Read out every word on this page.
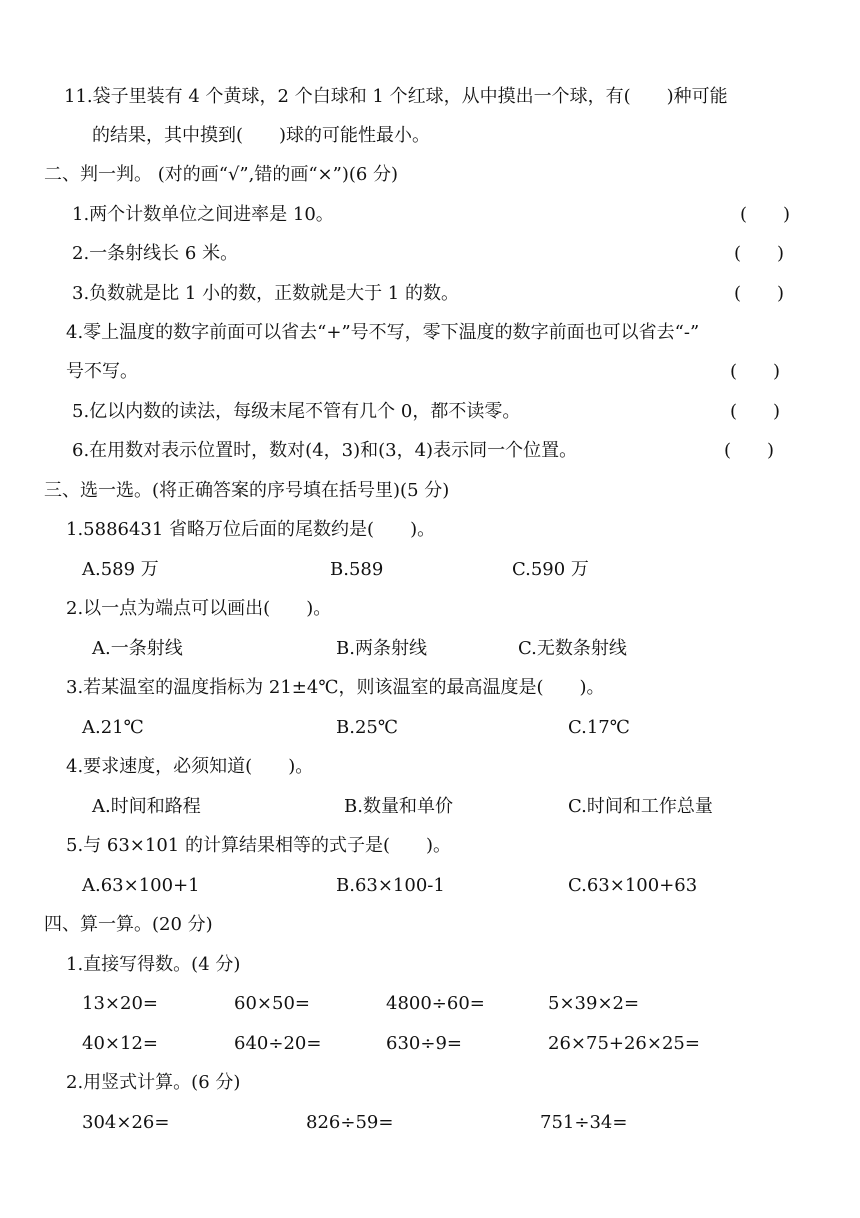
11.袋子里装有 4 个黄球，2 个白球和 1 个红球，从中摸出一个球，有(　　)种可能
的结果，其中摸到(　　)球的可能性最小。
二、判一判。 (对的画“√”,错的画“×”)(6 分)
1.两个计数单位之间进率是 10。	(　　)
2.一条射线长 6 米。	(　　)
3.负数就是比 1 小的数，正数就是大于 1 的数。	(　　)
4.零上温度的数字前面可以省去“+”号不写，零下温度的数字前面也可以省去“-”
号不写。	(　　)
5.亿以内数的读法，每级末尾不管有几个 0，都不读零。	(　　)
6.在用数对表示位置时，数对(4，3)和(3，4)表示同一个位置。	(　　)
三、选一选。(将正确答案的序号填在括号里)(5 分)
1.5886431 省略万位后面的尾数约是(　　)。
A.589 万	B.589	C.590 万
2.以一点为端点可以画出(　　)。
A.一条射线	B.两条射线	C.无数条射线
3.若某温室的温度指标为 21±4℃，则该温室的最高温度是(　　)。
A.21℃	B.25℃	C.17℃
4.要求速度，必须知道(　　)。
A.时间和路程	B.数量和单价	C.时间和工作总量
5.与 63×101 的计算结果相等的式子是(　　)。
A.63×100+1	B.63×100-1	C.63×100+63
四、算一算。(20 分)
1.直接写得数。(4 分)
13×20=	60×50=	4800÷60=	5×39×2=
40×12=	640÷20=	630÷9=	26×75+26×25=
2.用竖式计算。(6 分)
304×26=	826÷59=	751÷34=
